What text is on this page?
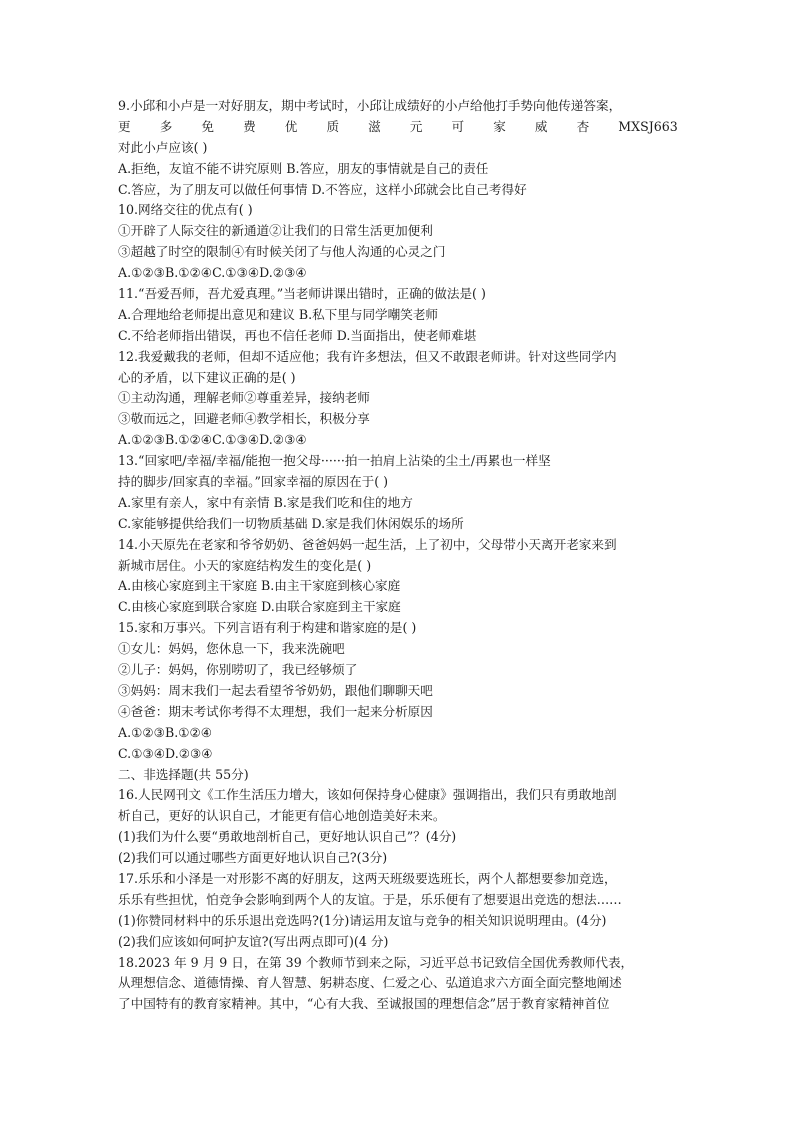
9.小邱和小卢是一对好朋友，期中考试时，小邱让成绩好的小卢给他打手势向他传递答案，
更 多 免 费 优 质 滋 元 可 家 威 杏 MXSJ663
对此小卢应该( )
A.拒绝，友谊不能不讲究原则 B.答应，朋友的事情就是自己的责任
C.答应，为了朋友可以做任何事情 D.不答应，这样小邱就会比自己考得好
10.网络交往的优点有( )
①开辟了人际交往的新通道②让我们的日常生活更加便利
③超越了时空的限制④有时候关闭了与他人沟通的心灵之门
A.①②③B.①②④C.①③④D.②③④
11.“吾爱吾师，吾尤爱真理。”当老师讲课出错时，正确的做法是( )
A.合理地给老师提出意见和建议 B.私下里与同学嘲笑老师
C.不给老师指出错误，再也不信任老师 D.当面指出，使老师难堪
12.我爱戴我的老师，但却不适应他；我有许多想法，但又不敢跟老师讲。针对这些同学内
心的矛盾，以下建议正确的是( )
①主动沟通，理解老师②尊重差异，接纳老师
③敬而远之，回避老师④教学相长，积极分享
A.①②③B.①②④C.①③④D.②③④
13.“回家吧/幸福/幸福/能抱一抱父母······拍一拍肩上沾染的尘土/再累也一样坚
持的脚步/回家真的幸福。”回家幸福的原因在于( )
A.家里有亲人，家中有亲情 B.家是我们吃和住的地方
C.家能够提供给我们一切物质基础 D.家是我们休闲娱乐的场所
14.小天原先在老家和爷爷奶奶、爸爸妈妈一起生活，上了初中，父母带小天离开老家来到
新城市居住。小天的家庭结构发生的变化是( )
A.由核心家庭到主干家庭 B.由主干家庭到核心家庭
C.由核心家庭到联合家庭 D.由联合家庭到主干家庭
15.家和万事兴。下列言语有利于构建和谐家庭的是( )
①女儿：妈妈，您休息一下，我来洗碗吧
②儿子：妈妈，你别唠叨了，我已经够烦了
③妈妈：周末我们一起去看望爷爷奶奶，跟他们聊聊天吧
④爸爸：期末考试你考得不太理想，我们一起来分析原因
A.①②③B.①②④
C.①③④D.②③④
二、非选择题(共 55分)
16.人民网刊文《工作生活压力增大，该如何保持身心健康》强调指出，我们只有勇敢地剖
析自己，更好的认识自己，才能更有信心地创造美好未来。
(1)我们为什么要“勇敢地剖析自己，更好地认识自己”？(4分)
(2)我们可以通过哪些方面更好地认识自己?(3分)
17.乐乐和小泽是一对形影不离的好朋友，这两天班级要选班长，两个人都想要参加竞选，
乐乐有些担忧，怕竞争会影响到两个人的友谊。于是，乐乐便有了想要退出竞选的想法……
(1)你赞同材料中的乐乐退出竞选吗?(1分)请运用友谊与竞争的相关知识说明理由。(4分)
(2)我们应该如何呵护友谊?(写出两点即可)(4 分)
18.2023 年 9 月 9 日，在第 39 个教师节到来之际，习近平总书记致信全国优秀教师代表，
从理想信念、道德情操、育人智慧、躬耕态度、仁爱之心、弘道追求六方面全面完整地阐述
了中国特有的教育家精神。其中，“心有大我、至诚报国的理想信念”居于教育家精神首位
